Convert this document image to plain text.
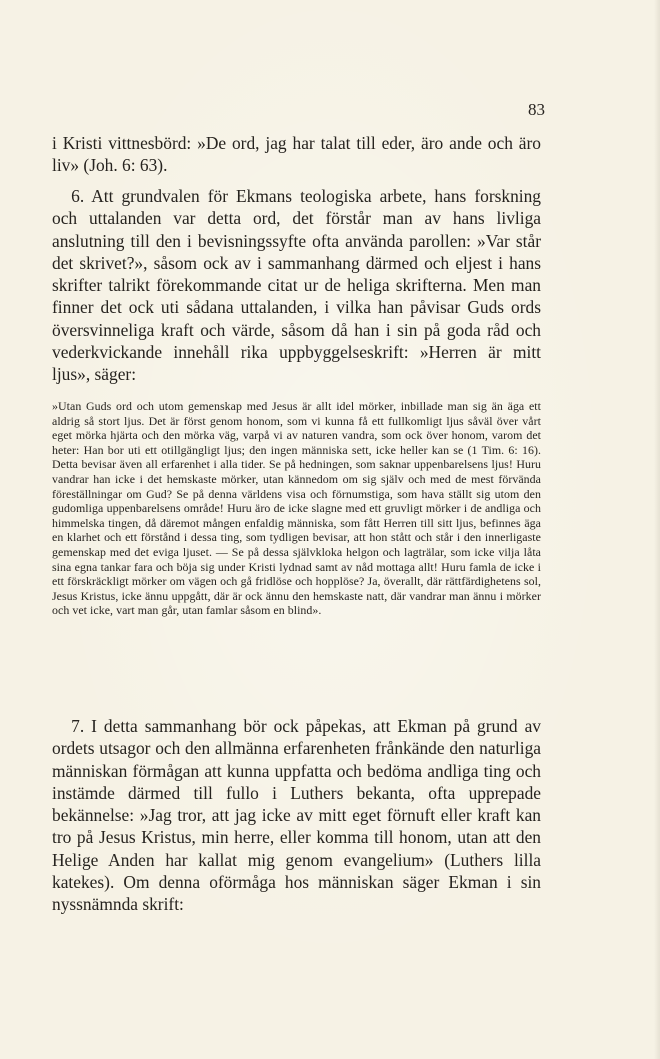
83

i Kristi vittnesbörd: »De ord, jag har talat till eder, äro ande och äro liv» (Joh. 6: 63).

6. Att grundvalen för Ekmans teologiska arbete, hans forskning och uttalanden var detta ord, det förstår man av hans livliga anslutning till den i bevisningssyfte ofta använda parollen: »Var står det skrivet?», såsom ock av i sammanhang därmed och eljest i hans skrifter talrikt förekommande citat ur de heliga skrifterna. Men man finner det ock uti sådana uttalanden, i vilka han påvisar Guds ords översvinneliga kraft och värde, såsom då han i sin på goda råd och vederkvickande innehåll rika uppbyggelseskrift: »Herren är mitt ljus», säger:

»Utan Guds ord och utom gemenskap med Jesus är allt idel mörker, inbillade man sig än äga ett aldrig så stort ljus. Det är först genom honom, som vi kunna få ett fullkomligt ljus såväl över vårt eget mörka hjärta och den mörka väg, varpå vi av naturen vandra, som ock över honom, varom det heter: Han bor uti ett otillgängligt ljus; den ingen människa sett, icke heller kan se (1 Tim. 6: 16). Detta bevisar även all erfarenhet i alla tider. Se på hedningen, som saknar uppenbarelsens ljus! Huru vandrar han icke i det hemskaste mörker, utan kännedom om sig själv och med de mest förvända föreställningar om Gud? Se på denna världens visa och förnumstiga, som hava ställt sig utom den gudomliga uppenbarelsens område! Huru äro de icke slagne med ett gruvligt mörker i de andliga och himmelska tingen, då däremot mången enfaldig människa, som fått Herren till sitt ljus, befinnes äga en klarhet och ett förstånd i dessa ting, som tydligen bevisar, att hon stått och står i den innerligaste gemenskap med det eviga ljuset. — Se på dessa självkloka helgon och lagträlar, som icke vilja låta sina egna tankar fara och böja sig under Kristi lydnad samt av nåd mottaga allt! Huru famla de icke i ett förskräckligt mörker om vägen och gå fridlöse och hopplöse? Ja, överallt, där rättfärdighetens sol, Jesus Kristus, icke ännu uppgått, där är ock ännu den hemskaste natt, där vandrar man ännu i mörker och vet icke, vart man går, utan famlar såsom en blind».

7. I detta sammanhang bör ock påpekas, att Ekman på grund av ordets utsagor och den allmänna erfarenheten frånkände den naturliga människan förmågan att kunna uppfatta och bedöma andliga ting och instämde därmed till fullo i Luthers bekanta, ofta upprepade bekännelse: »Jag tror, att jag icke av mitt eget förnuft eller kraft kan tro på Jesus Kristus, min herre, eller komma till honom, utan att den Helige Anden har kallat mig genom evangelium» (Luthers lilla katekes). Om denna oförmåga hos människan säger Ekman i sin nyssnämnda skrift:
